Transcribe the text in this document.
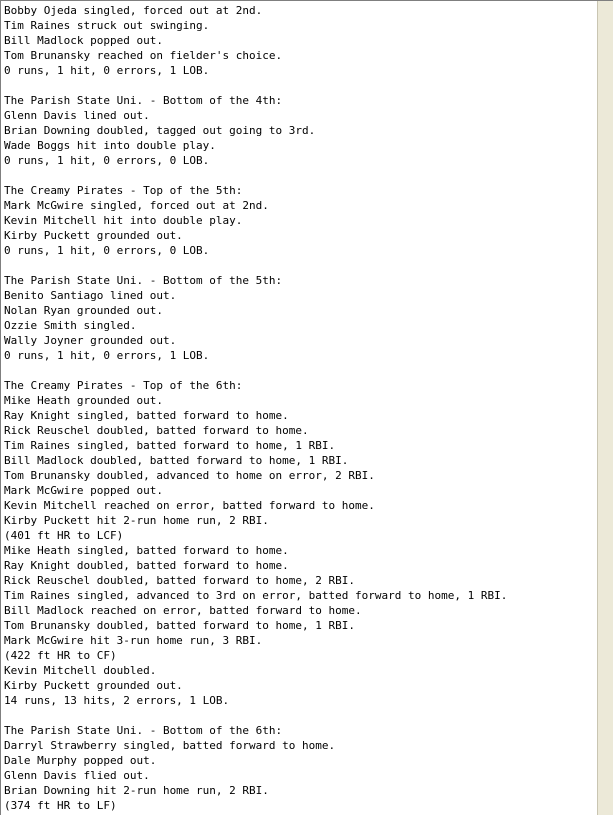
Bobby Ojeda singled, forced out at 2nd.
Tim Raines struck out swinging.
Bill Madlock popped out.
Tom Brunansky reached on fielder's choice.
0 runs, 1 hit, 0 errors, 1 LOB.
The Parish State Uni. - Bottom of the 4th:
Glenn Davis lined out.
Brian Downing doubled, tagged out going to 3rd.
Wade Boggs hit into double play.
0 runs, 1 hit, 0 errors, 0 LOB.
The Creamy Pirates - Top of the 5th:
Mark McGwire singled, forced out at 2nd.
Kevin Mitchell hit into double play.
Kirby Puckett grounded out.
0 runs, 1 hit, 0 errors, 0 LOB.
The Parish State Uni. - Bottom of the 5th:
Benito Santiago lined out.
Nolan Ryan grounded out.
Ozzie Smith singled.
Wally Joyner grounded out.
0 runs, 1 hit, 0 errors, 1 LOB.
The Creamy Pirates - Top of the 6th:
Mike Heath grounded out.
Ray Knight singled, batted forward to home.
Rick Reuschel doubled, batted forward to home.
Tim Raines singled, batted forward to home, 1 RBI.
Bill Madlock doubled, batted forward to home, 1 RBI.
Tom Brunansky doubled, advanced to home on error, 2 RBI.
Mark McGwire popped out.
Kevin Mitchell reached on error, batted forward to home.
Kirby Puckett hit 2-run home run, 2 RBI.
(401 ft HR to LCF)
Mike Heath singled, batted forward to home.
Ray Knight doubled, batted forward to home.
Rick Reuschel doubled, batted forward to home, 2 RBI.
Tim Raines singled, advanced to 3rd on error, batted forward to home, 1 RBI.
Bill Madlock reached on error, batted forward to home.
Tom Brunansky doubled, batted forward to home, 1 RBI.
Mark McGwire hit 3-run home run, 3 RBI.
(422 ft HR to CF)
Kevin Mitchell doubled.
Kirby Puckett grounded out.
14 runs, 13 hits, 2 errors, 1 LOB.
The Parish State Uni. - Bottom of the 6th:
Darryl Strawberry singled, batted forward to home.
Dale Murphy popped out.
Glenn Davis flied out.
Brian Downing hit 2-run home run, 2 RBI.
(374 ft HR to LF)
